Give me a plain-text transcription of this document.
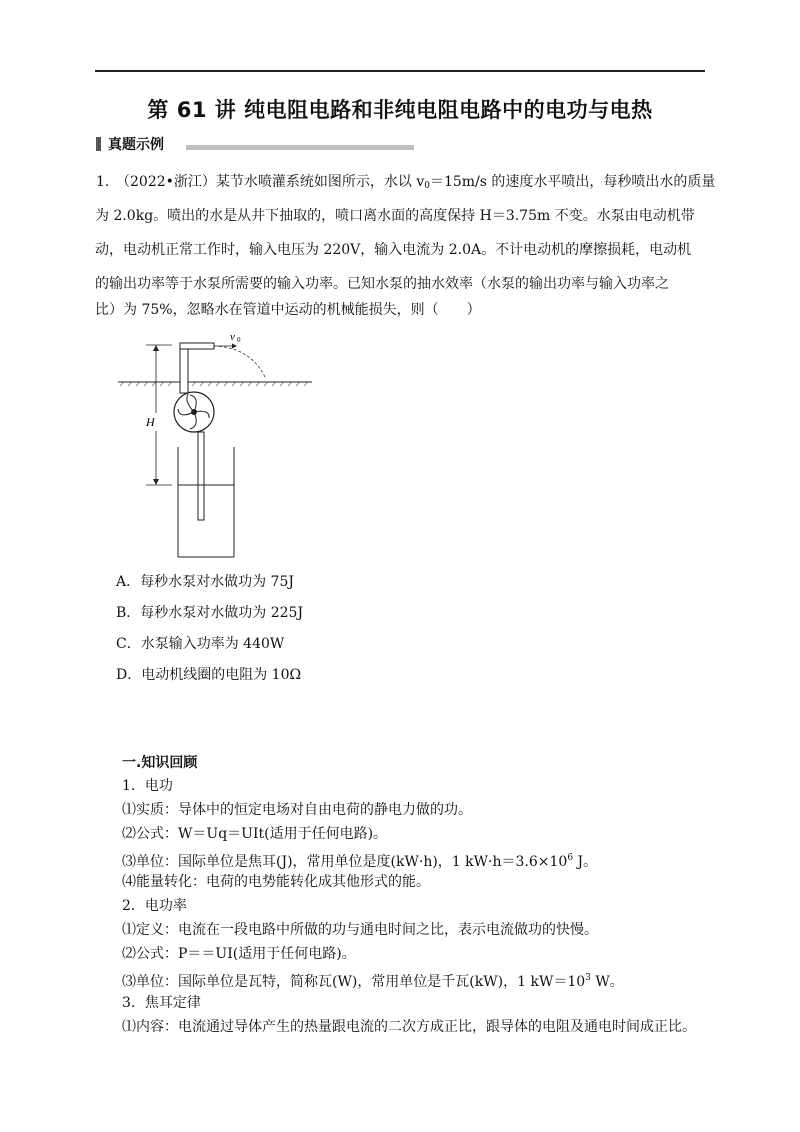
第 61 讲 纯电阻电路和非纯电阻电路中的电功与电热
真题示例
1. （2022•浙江）某节水喷灌系统如图所示，水以 v0＝15m/s 的速度水平喷出，每秒喷出水的质量
为 2.0kg。喷出的水是从井下抽取的，喷口离水面的高度保持 H＝3.75m 不变。水泵由电动机带
动，电动机正常工作时，输入电压为 220V，输入电流为 2.0A。不计电动机的摩擦损耗，电动机
的输出功率等于水泵所需要的输入功率。已知水泵的抽水效率（水泵的输出功率与输入功率之
比）为 75%，忽略水在管道中运动的机械能损失，则（　　）
v 0
H
A．每秒水泵对水做功为 75J
B．每秒水泵对水做功为 225J
C．水泵输入功率为 440W
D．电动机线圈的电阻为 10Ω
一.知识回顾
1．电功
⑴实质：导体中的恒定电场对自由电荷的静电力做的功。
⑵公式：W＝Uq＝UIt(适用于任何电路)。
⑶单位：国际单位是焦耳(J)，常用单位是度(kW·h)，1 $kW\cdot h=3.6\times 10^6$ J。
⑷能量转化：电荷的电势能转化成其他形式的能。
2．电功率
⑴定义：电流在一段电路中所做的功与通电时间之比，表示电流做功的快慢。
⑵公式：P＝＝UI(适用于任何电路)。
⑶单位：国际单位是瓦特，简称瓦(W)，常用单位是千瓦(kW)，1 $kW=10^3$ W。
3．焦耳定律
⑴内容：电流通过导体产生的热量跟电流的二次方成正比，跟导体的电阻及通电时间成正比。
